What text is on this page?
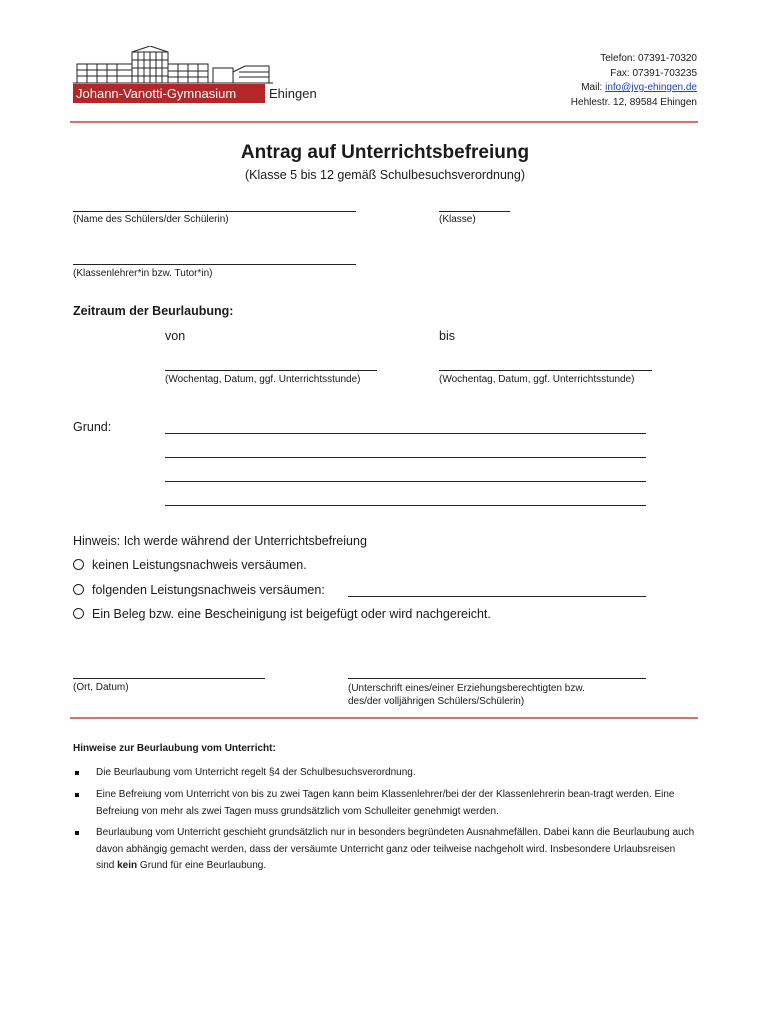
Johann-Vanotti-Gymnasium	Ehingen
Telefon: 07391-70320
Fax: 07391-703235
Mail: info@jvg-ehingen.de
Hehlestr. 12, 89584 Ehingen
Antrag auf Unterrichtsbefreiung
(Klasse 5 bis 12 gemäß Schulbesuchsverordnung)
(Name des Schülers/der Schülerin)	(Klasse)
(Klassenlehrer*in bzw. Tutor*in)
Zeitraum der Beurlaubung:
von	bis
(Wochentag, Datum, ggf. Unterrichtsstunde)	(Wochentag, Datum, ggf. Unterrichtsstunde)
Grund:
Hinweis: Ich werde während der Unterrichtsbefreiung
keinen Leistungsnachweis versäumen.
folgenden Leistungsnachweis versäumen:
Ein Beleg bzw. eine Bescheinigung ist beigefügt oder wird nachgereicht.
(Ort, Datum)	(Unterschrift eines/einer Erziehungsberechtigten bzw.
des/der volljährigen Schülers/Schülerin)
Hinweise zur Beurlaubung vom Unterricht:
Die Beurlaubung vom Unterricht regelt §4 der Schulbesuchsverordnung.
Eine Befreiung vom Unterricht von bis zu zwei Tagen kann beim Klassenlehrer/bei der der Klassenlehrerin bean-tragt werden. Eine Befreiung von mehr als zwei Tagen muss grundsätzlich vom Schulleiter genehmigt werden.
Beurlaubung vom Unterricht geschieht grundsätzlich nur in besonders begründeten Ausnahmefällen. Dabei kann die Beurlaubung auch davon abhängig gemacht werden, dass der versäumte Unterricht ganz oder teilweise nachgeholt wird. Insbesondere Urlaubsreisen sind kein Grund für eine Beurlaubung.
